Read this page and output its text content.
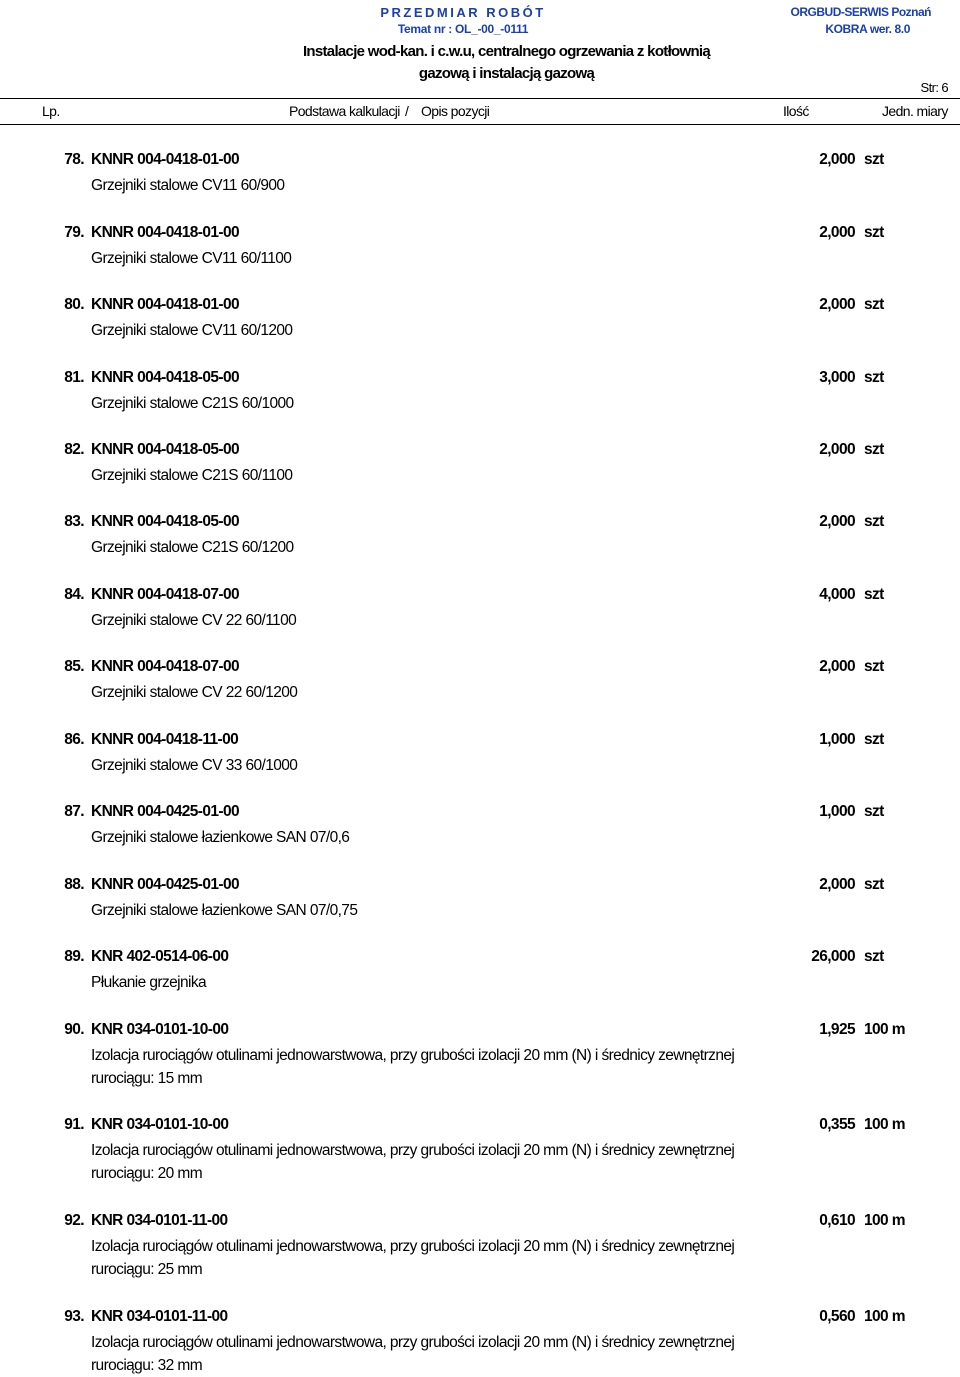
PRZEDMIAR ROBÓT
Temat nr : OL_-00_-0111
ORGBUD-SERWIS Poznań
KOBRA wer. 8.0
Instalacje wod-kan. i c.w.u, centralnego ogrzewania z kotłownią
gazową i instalacją gazową
Str: 6
Lp.	Podstawa kalkulacji / Opis pozycji	Ilość	Jedn. miary
78. KNNR 004-0418-01-00	2,000 szt
Grzejniki stalowe CV11 60/900
79. KNNR 004-0418-01-00	2,000 szt
Grzejniki stalowe CV11 60/1100
80. KNNR 004-0418-01-00	2,000 szt
Grzejniki stalowe CV11 60/1200
81. KNNR 004-0418-05-00	3,000 szt
Grzejniki stalowe C21S 60/1000
82. KNNR 004-0418-05-00	2,000 szt
Grzejniki stalowe C21S 60/1100
83. KNNR 004-0418-05-00	2,000 szt
Grzejniki stalowe C21S 60/1200
84. KNNR 004-0418-07-00	4,000 szt
Grzejniki stalowe CV 22 60/1100
85. KNNR 004-0418-07-00	2,000 szt
Grzejniki stalowe CV 22 60/1200
86. KNNR 004-0418-11-00	1,000 szt
Grzejniki stalowe CV 33 60/1000
87. KNNR 004-0425-01-00	1,000 szt
Grzejniki stalowe łazienkowe SAN 07/0,6
88. KNNR 004-0425-01-00	2,000 szt
Grzejniki stalowe łazienkowe SAN 07/0,75
89. KNR 402-0514-06-00	26,000 szt
Płukanie grzejnika
90. KNR 034-0101-10-00	1,925 100 m
Izolacja rurociągów otulinami jednowarstwowa, przy grubości izolacji 20 mm (N) i średnicy zewnętrznej rurociągu: 15 mm
91. KNR 034-0101-10-00	0,355 100 m
Izolacja rurociągów otulinami jednowarstwowa, przy grubości izolacji 20 mm (N) i średnicy zewnętrznej rurociągu: 20 mm
92. KNR 034-0101-11-00	0,610 100 m
Izolacja rurociągów otulinami jednowarstwowa, przy grubości izolacji 20 mm (N) i średnicy zewnętrznej rurociągu: 25 mm
93. KNR 034-0101-11-00	0,560 100 m
Izolacja rurociągów otulinami jednowarstwowa, przy grubości izolacji 20 mm (N) i średnicy zewnętrznej rurociągu: 32 mm
